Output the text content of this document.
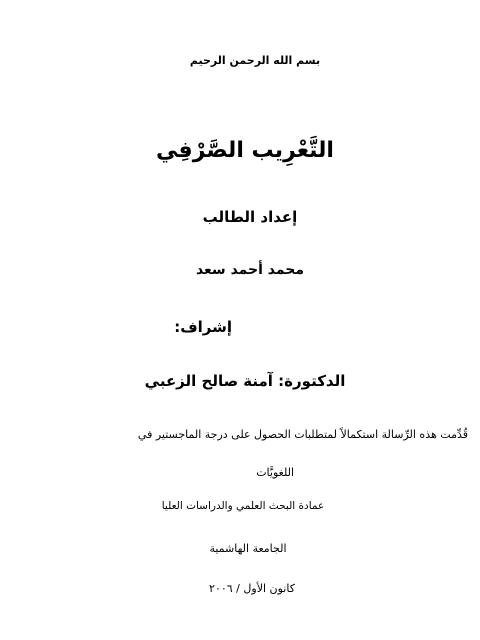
بسم الله الرحمن الرحيم
التَّعْرِيب الصَّرْفِي
إعداد الطالب
محمد أحمد سعد
إشراف:
الدكتورة: آمنة صالح الزعبي
قُدِّمت هذه الرِّسالة استكمالاً لمتطلبات الحصول على درجة الماجستير في
اللغويَّات
عمادة البحث العلمي والدراسات العليا
الجامعة الهاشمية
كانون الأول / ٢٠٠٦
